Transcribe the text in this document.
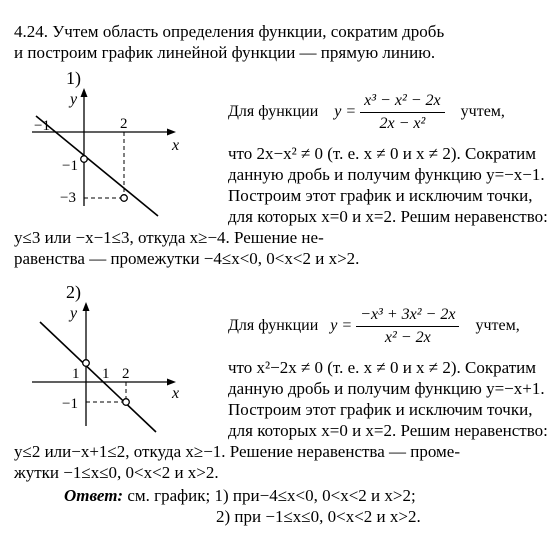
4.24. Учтем область определения функции, сократим дробь
и построим график линейной функции — прямую линию.
1)
y
x
−1	2
−1
−3
Для функции $y = \frac{\text{x³ − x² − 2x}}{\text{2x − x²}}$ учтем,
что 2x−x² ≠ 0 (т. е. x ≠ 0 и x ≠ 2). Сократим
данную дробь и получим функцию y=−x−1.
Построим этот график и исключим точки,
для которых x=0 и x=2. Решим неравенство:
y≤3 или −x−1≤3, откуда x≥−4. Решение не-
равенства — промежутки −4≤x<0, 0<x<2 и x>2.
2)
y
x
1 1 2
−1
Для функции $y = \frac{\text{−x³ + 3x² − 2x}}{\text{x² − 2x}}$ учтем,
что x²−2x ≠ 0 (т. е. x ≠ 0 и x ≠ 2). Сократим
данную дробь и получим функцию y=−x+1.
Построим этот график и исключим точки,
для которых x=0 и x=2. Решим неравенство:
y≤2 или−x+1≤2, откуда x≥−1. Решение неравенства — проме-
жутки −1≤x≤0, 0<x<2 и x>2.
Ответ: см. график; 1) при−4≤x<0, 0<x<2 и x>2;
2) при −1≤x≤0, 0<x<2 и x>2.
